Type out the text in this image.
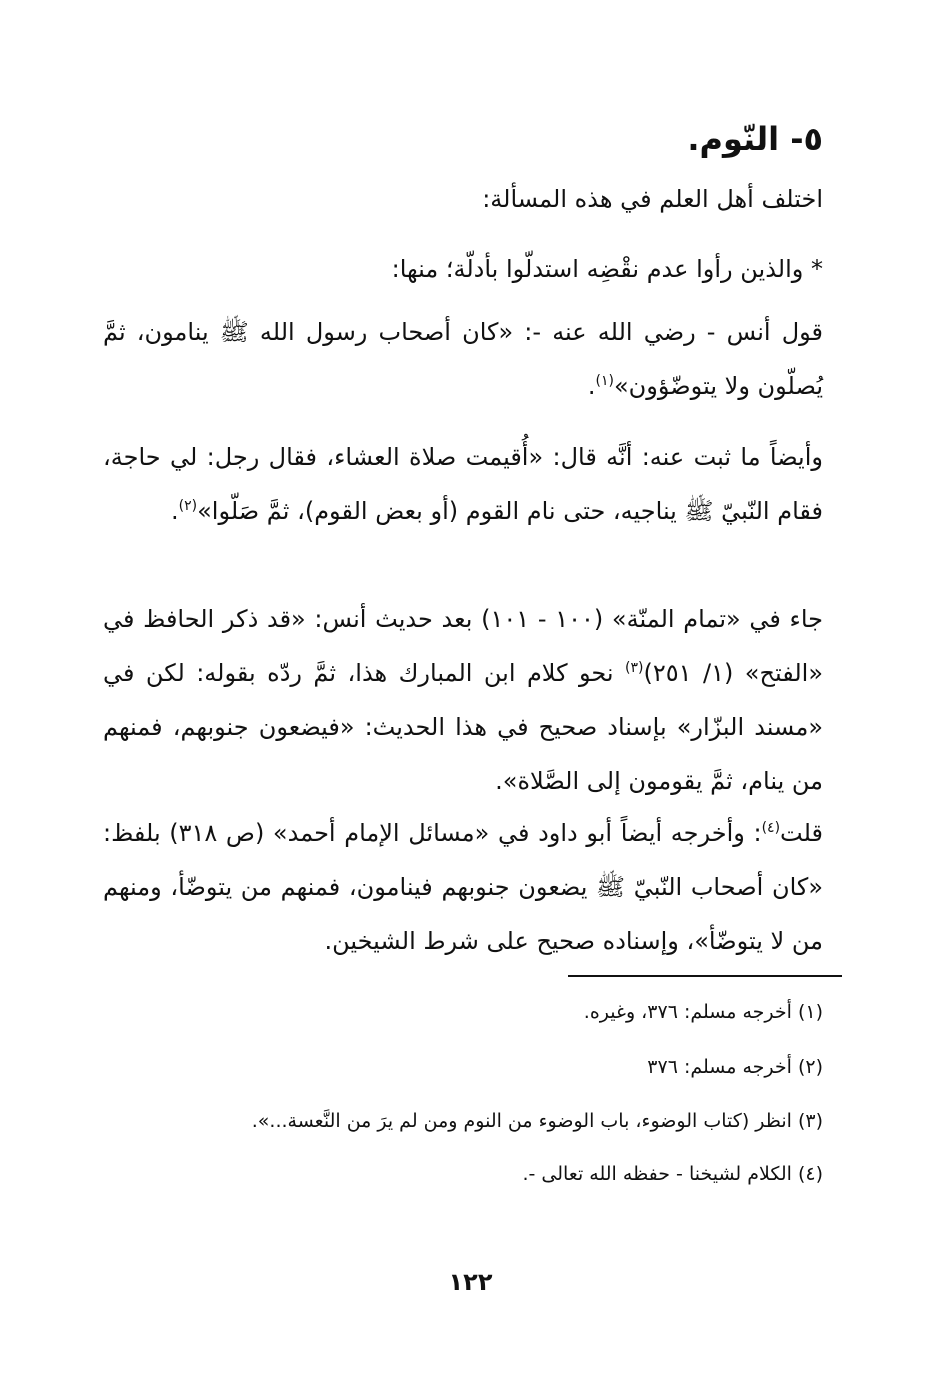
٥- النّوم.
اختلف أهل العلم في هذه المسألة:
* والذين رأوا عدم نقْضِه استدلّوا بأدلّة؛ منها:
قول أنس - رضي الله عنه -: «كان أصحاب رسول الله ﷺ ينامون، ثمَّ يُصلّون ولا يتوضّؤون»$^{(١)}$.
وأيضاً ما ثبت عنه: أنَّه قال: «أُقيمت صلاة العشاء، فقال رجل: لي حاجة، فقام النّبيّ ﷺ يناجيه، حتى نام القوم (أو بعض القوم)، ثمَّ صَلّوا»$^{(٢)}$.
جاء في «تمام المنّة» (١٠٠ - ١٠١) بعد حديث أنس: «قد ذكر الحافظ في «الفتح» (١/ ٢٥١)$^{(٣)}$ نحو كلام ابن المبارك هذا، ثمَّ ردّه بقوله: لكن في «مسند البزّار» بإسناد صحيح في هذا الحديث: «فيضعون جنوبهم، فمنهم من ينام، ثمَّ يقومون إلى الصَّلاة».
قلت$^{(٤)}$: وأخرجه أيضاً أبو داود في «مسائل الإمام أحمد» (ص ٣١٨) بلفظ: «كان أصحاب النّبيّ ﷺ يضعون جنوبهم فينامون، فمنهم من يتوضّأ، ومنهم من لا يتوضّأ»، وإسناده صحيح على شرط الشيخين.
(١) أخرجه مسلم: ٣٧٦، وغيره.
(٢) أخرجه مسلم: ٣٧٦
(٣) انظر (كتاب الوضوء، باب الوضوء من النوم ومن لم يرَ من النَّعسة...».
(٤) الكلام لشيخنا - حفظه الله تعالى -.
١٢٢
